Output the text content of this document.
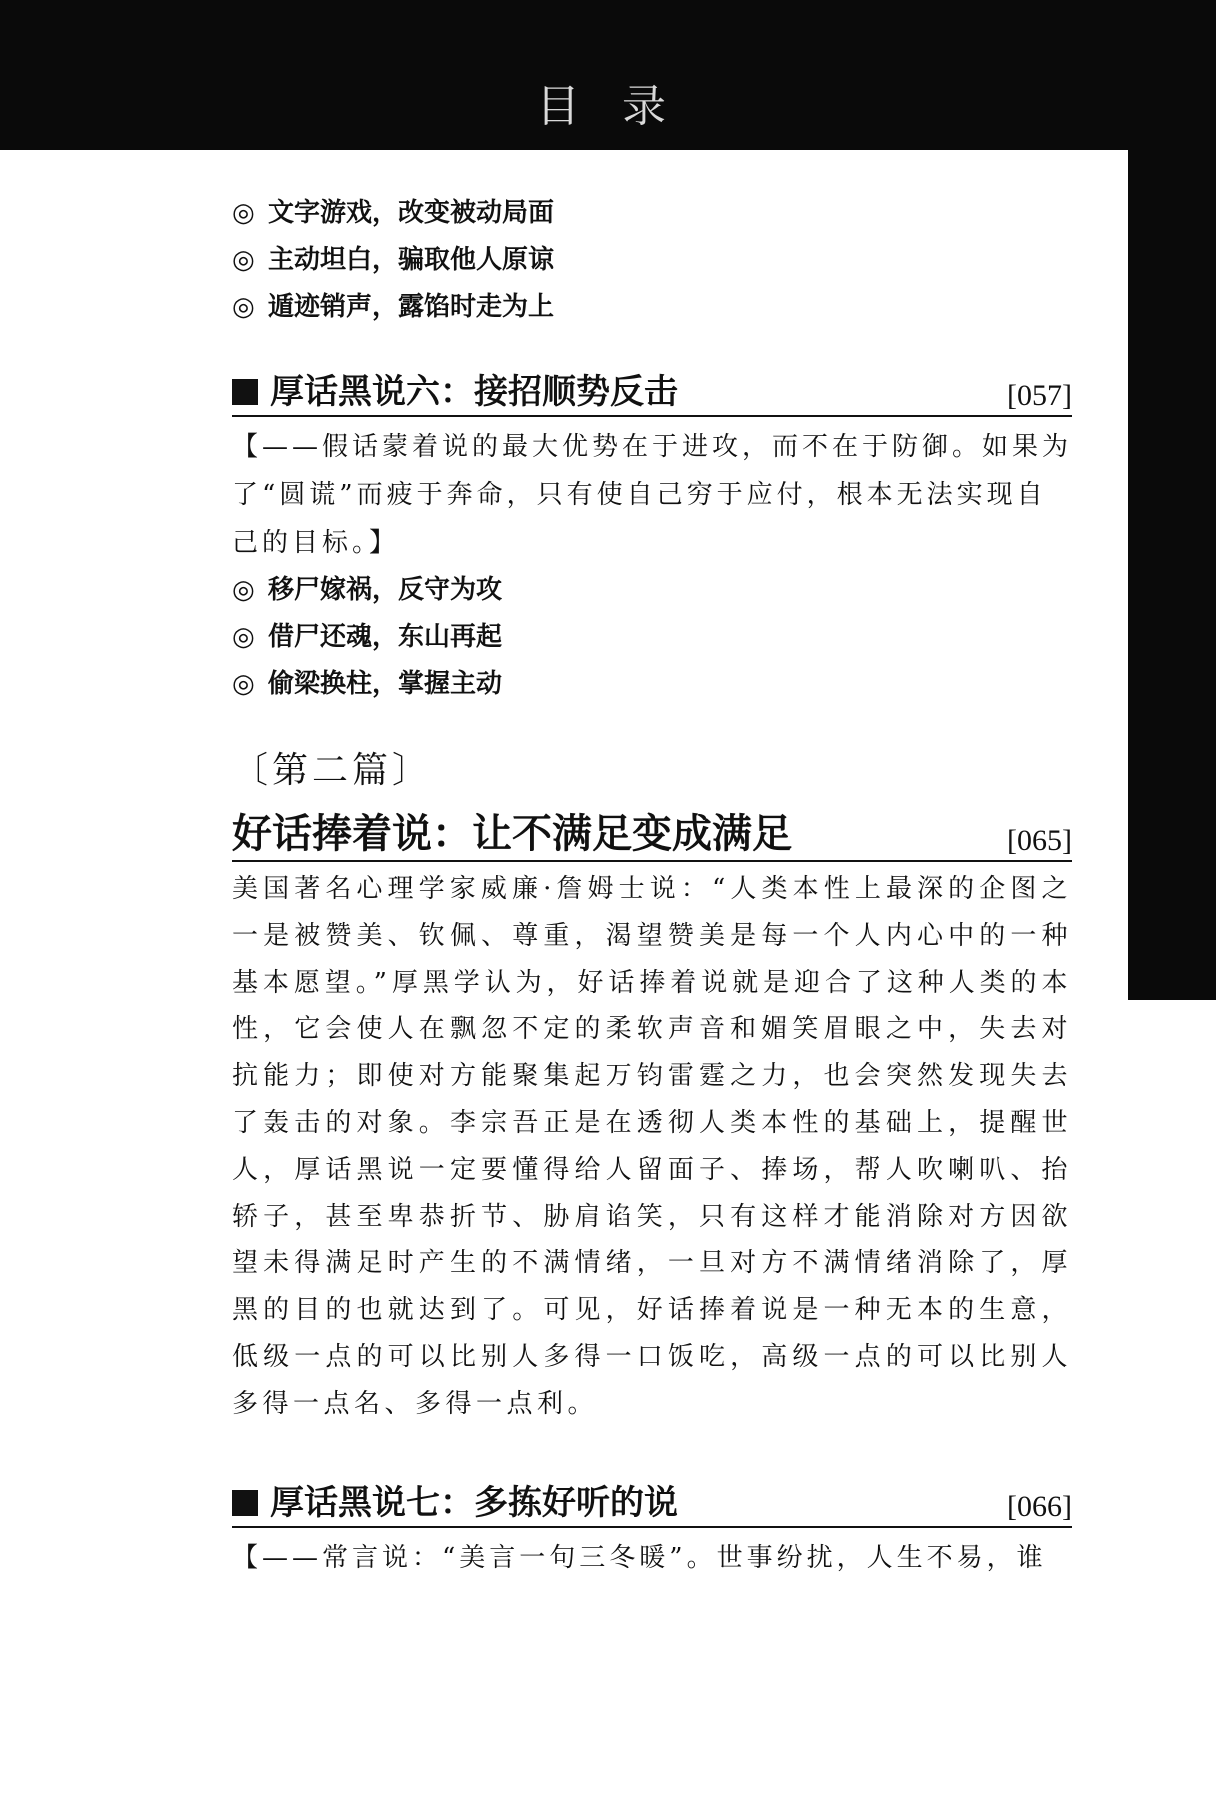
目 录
◎ 文字游戏，改变被动局面
◎ 主动坦白，骗取他人原谅
◎ 遁迹销声，露馅时走为上
厚话黑说六：接招顺势反击	[057]
【——假话蒙着说的最大优势在于进攻，而不在于防御。如果为了“圆谎”而疲于奔命，只有使自己穷于应付，根本无法实现自己的目标。】
◎ 移尸嫁祸，反守为攻
◎ 借尸还魂，东山再起
◎ 偷梁换柱，掌握主动
〔第二篇〕
好话捧着说：让不满足变成满足	[065]
美国著名心理学家威廉·詹姆士说：“人类本性上最深的企图之一是被赞美、钦佩、尊重，渴望赞美是每一个人内心中的一种基本愿望。”厚黑学认为，好话捧着说就是迎合了这种人类的本性，它会使人在飘忽不定的柔软声音和媚笑眉眼之中，失去对抗能力；即使对方能聚集起万钧雷霆之力，也会突然发现失去了轰击的对象。李宗吾正是在透彻人类本性的基础上，提醒世人，厚话黑说一定要懂得给人留面子、捧场，帮人吹喇叭、抬轿子，甚至卑恭折节、胁肩谄笑，只有这样才能消除对方因欲望未得满足时产生的不满情绪，一旦对方不满情绪消除了，厚黑的目的也就达到了。可见，好话捧着说是一种无本的生意，低级一点的可以比别人多得一口饭吃，高级一点的可以比别人多得一点名、多得一点利。
厚话黑说七：多拣好听的说	[066]
【——常言说：“美言一句三冬暖”。世事纷扰，人生不易，谁
